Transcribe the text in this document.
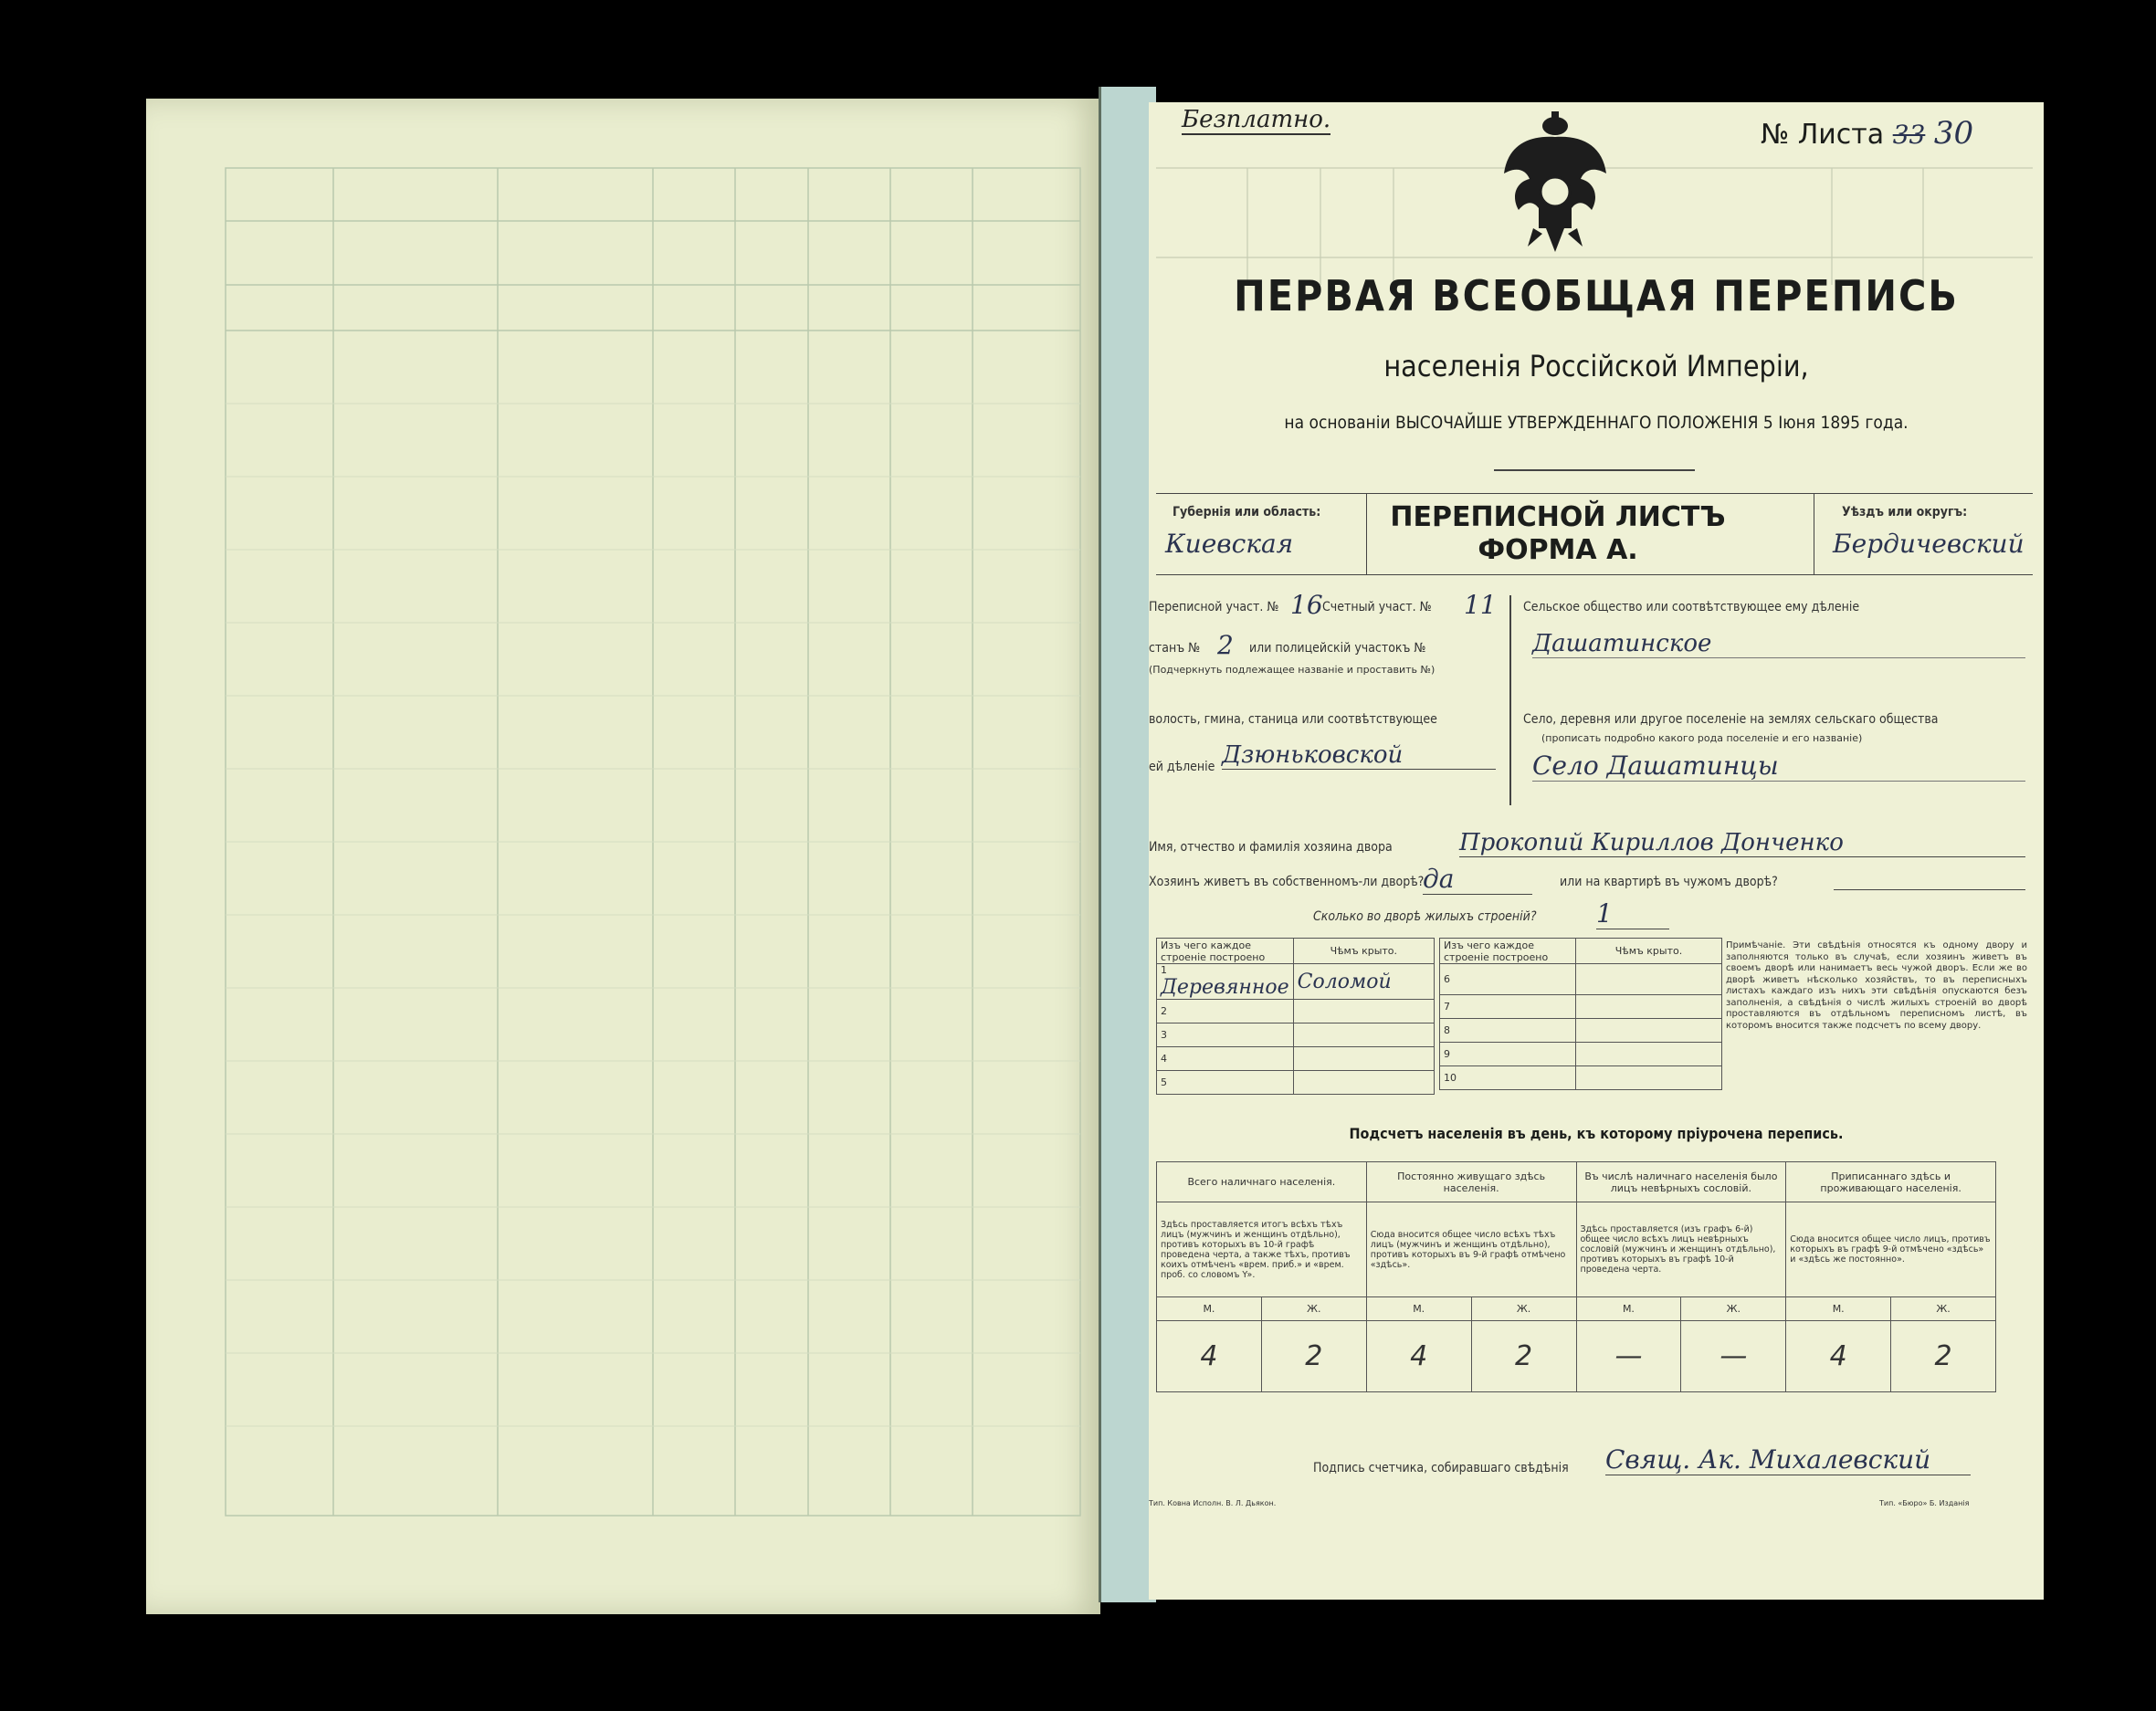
Безплатно.	№ Листа 33 30
ПЕРВАЯ ВСЕОБЩАЯ ПЕРЕПИСЬ
населенія Россійской Имперіи,
на основаніи ВЫСОЧАЙШЕ УТВЕРЖДЕННАГО ПОЛОЖЕНІЯ 5 Іюня 1895 года.
Губернія или область:
Киевская
ПЕРЕПИСНОЙ ЛИСТЪ
ФОРМА А.
Уѣздъ или округъ:
Бердичевский
Переписной участ. № 16 Счетный участ. № 11
станъ № 2 или полицейскій участокъ №
(Подчеркнуть подлежащее названіе и проставить №)
волость, гмина, станица или соотвѣтствующее
ей дѣленіе Дзюньковской
Сельское общество или соотвѣтствующее ему дѣленіе
Дашатинское
Село, деревня или другое поселеніе на землях сельскаго общества
(прописать подробно какого рода поселеніе и его названіе)
Село Дашатинцы
Имя, отчество и фамилія хозяина двора	Прокопий Кириллов Донченко
Хозяинъ живетъ въ собственномъ-ли дворѣ?
да	или на квартирѣ въ чужомъ дворѣ?
Сколько во дворѣ жилыхъ строеній? 1
Изъ чего каждое строеніе построено	Чѣмъ крыто.
1 Деревянное	Соломой
2	
3	
4	
5	
Изъ чего каждое строеніе построено	Чѣмъ крыто.
6	
7	
8	
9	
10	
Примѣчаніе. Эти свѣдѣнія относятся къ одному двору и заполняются только въ случаѣ, если хозяинъ живетъ въ своемъ дворѣ или нанимаетъ весь чужой дворъ. Если же во дворѣ живетъ нѣсколько хозяйствъ, то въ переписныхъ листахъ каждаго изъ нихъ эти свѣдѣнія опускаются безъ заполненія, а свѣдѣнія о числѣ жилыхъ строеній во дворѣ проставляются въ отдѣльномъ переписномъ листѣ, въ которомъ вносится также подсчетъ по всему двору.
Подсчетъ населенія въ день, къ которому пріурочена перепись.
Всего наличнаго населенія.		Постоянно живущаго здѣсь населенія.		Въ числѣ наличнаго населенія было лицъ невѣрныхъ сословій.		Приписаннаго здѣсь и проживающаго населенія.	
Здѣсь проставляется итогъ всѣхъ тѣхъ лицъ (мужчинъ и женщинъ отдѣльно), противъ которыхъ въ 10-й графѣ проведена черта, а также тѣхъ, противъ коихъ отмѣченъ «врем. приб.» и «врем. проб. со словомъ Y».		Сюда вносится общее число всѣхъ тѣхъ лицъ (мужчинъ и женщинъ отдѣльно), противъ которыхъ въ 9-й графѣ отмѣчено «здѣсь».		Здѣсь проставляется (изъ графъ 6-й) общее число всѣхъ лицъ невѣрныхъ сословій (мужчинъ и женщинъ отдѣльно), противъ которыхъ въ графѣ 10-й проведена черта.		Сюда вносится общее число лицъ, противъ которыхъ въ графѣ 9-й отмѣчено «здѣсь» и «здѣсь же постоянно».	
М.	Ж.	М.	Ж.	М.	Ж.	М.	Ж.
4	2	4	2	—	—	4	2
Подпись счетчика, собиравшаго свѣдѣнія Свящ. Ак. Михалевский
Тип. Ковна Исполн. В. Л. Дьякон.	Тип. «Бюро» Б. Изданія
